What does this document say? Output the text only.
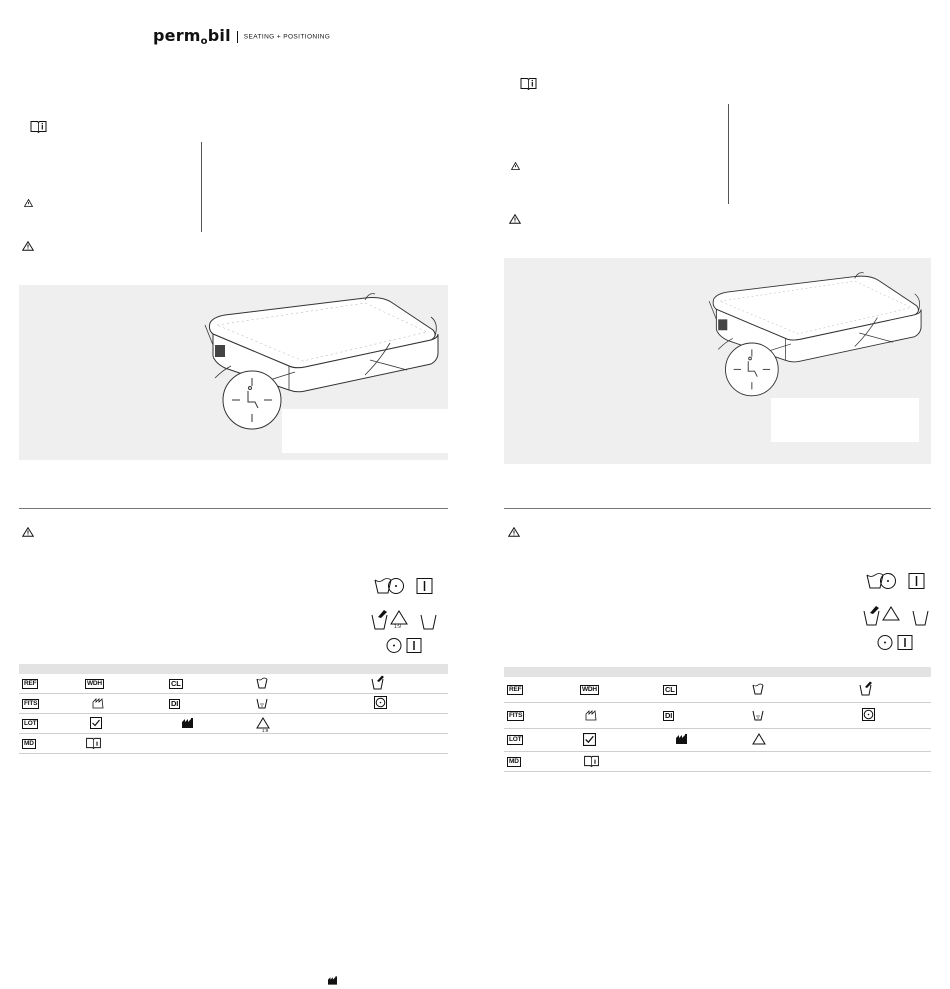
permobil SEATING + POSITIONING
1:9

REF	WDH	CL		
FITS		DI		
LOT			1:9	

MD		

REF	WDH	CL		
FITS		DI		
LOT				
MD		
